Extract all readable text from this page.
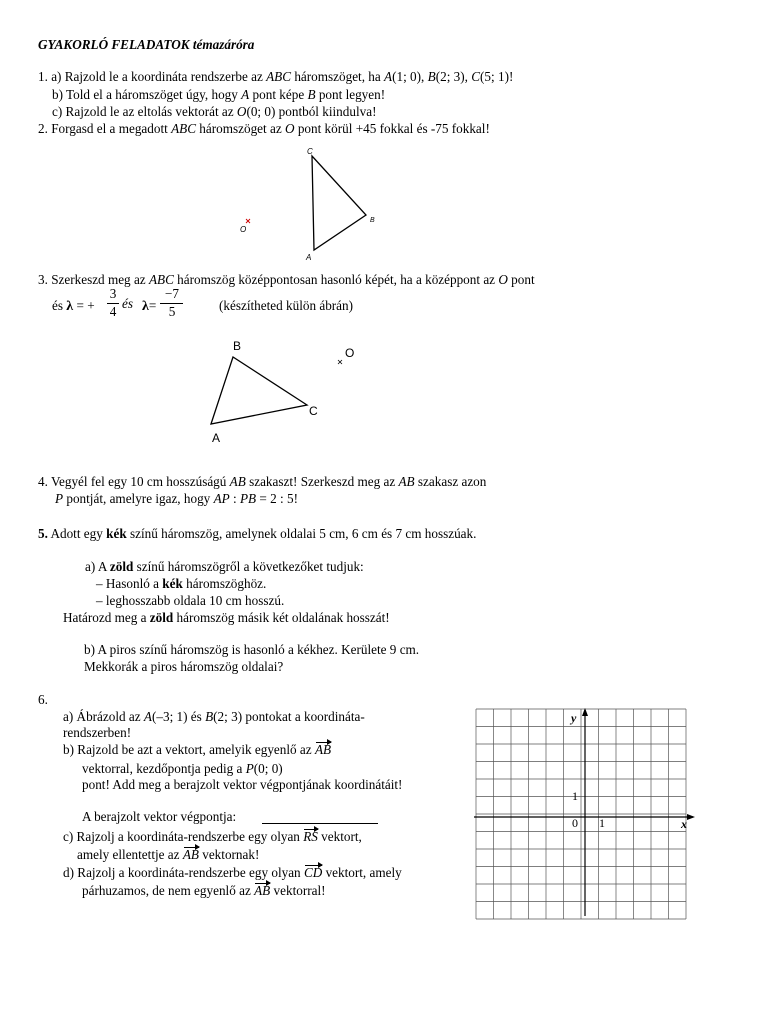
GYAKORLÓ FELADATOK témazáróra
1. a) Rajzold le a koordináta rendszerbe az ABC háromszöget, ha A(1; 0), B(2; 3), C(5; 1)!
b) Told el a háromszöget úgy, hogy A pont képe B pont legyen!
c) Rajzold le az eltolás vektorát az O(0; 0) pontból kiindulva!
2. Forgasd el a megadott ABC háromszöget az O pont körül +45 fokkal és -75 fokkal!
A
C
B
O
3. Szerkeszd meg az ABC háromszög középpontosan hasonló képét, ha a középpont az O pont
és λ = +
3
4
és λ=
−7
5	(készítheted külön ábrán)
A
B
C
O
4. Vegyél fel egy 10 cm hosszúságú AB szakaszt! Szerkeszd meg az AB szakasz azon
P pontját, amelyre igaz, hogy AP : PB = 2 : 5!
5. Adott egy kék színű háromszög, amelynek oldalai 5 cm, 6 cm és 7 cm hosszúak.
a) A zöld színű háromszögről a következőket tudjuk:
– Hasonló a kék háromszöghöz.
– leghosszabb oldala 10 cm hosszú.
Határozd meg a zöld háromszög másik két oldalának hosszát!
b) A piros színű háromszög is hasonló a kékhez. Kerülete 9 cm.
Mekkorák a piros háromszög oldalai?
6.
a) Ábrázold az A(–3; 1) és B(2; 3) pontokat a koordináta-
rendszerben!
b) Rajzold be azt a vektort, amelyik egyenlő az AB
vektorral, kezdőpontja pedig a P(0; 0)
pont! Add meg a berajzolt vektor végpontjának koordinátáit!
A berajzolt vektor végpontja:
c) Rajzolj a koordináta-rendszerbe egy olyan RS vektort,
amely ellentettje az AB vektornak!
d) Rajzolj a koordináta-rendszerbe egy olyan CD vektort, amely
párhuzamos, de nem egyenlő az AB vektorral!
y
x
0 1
1
